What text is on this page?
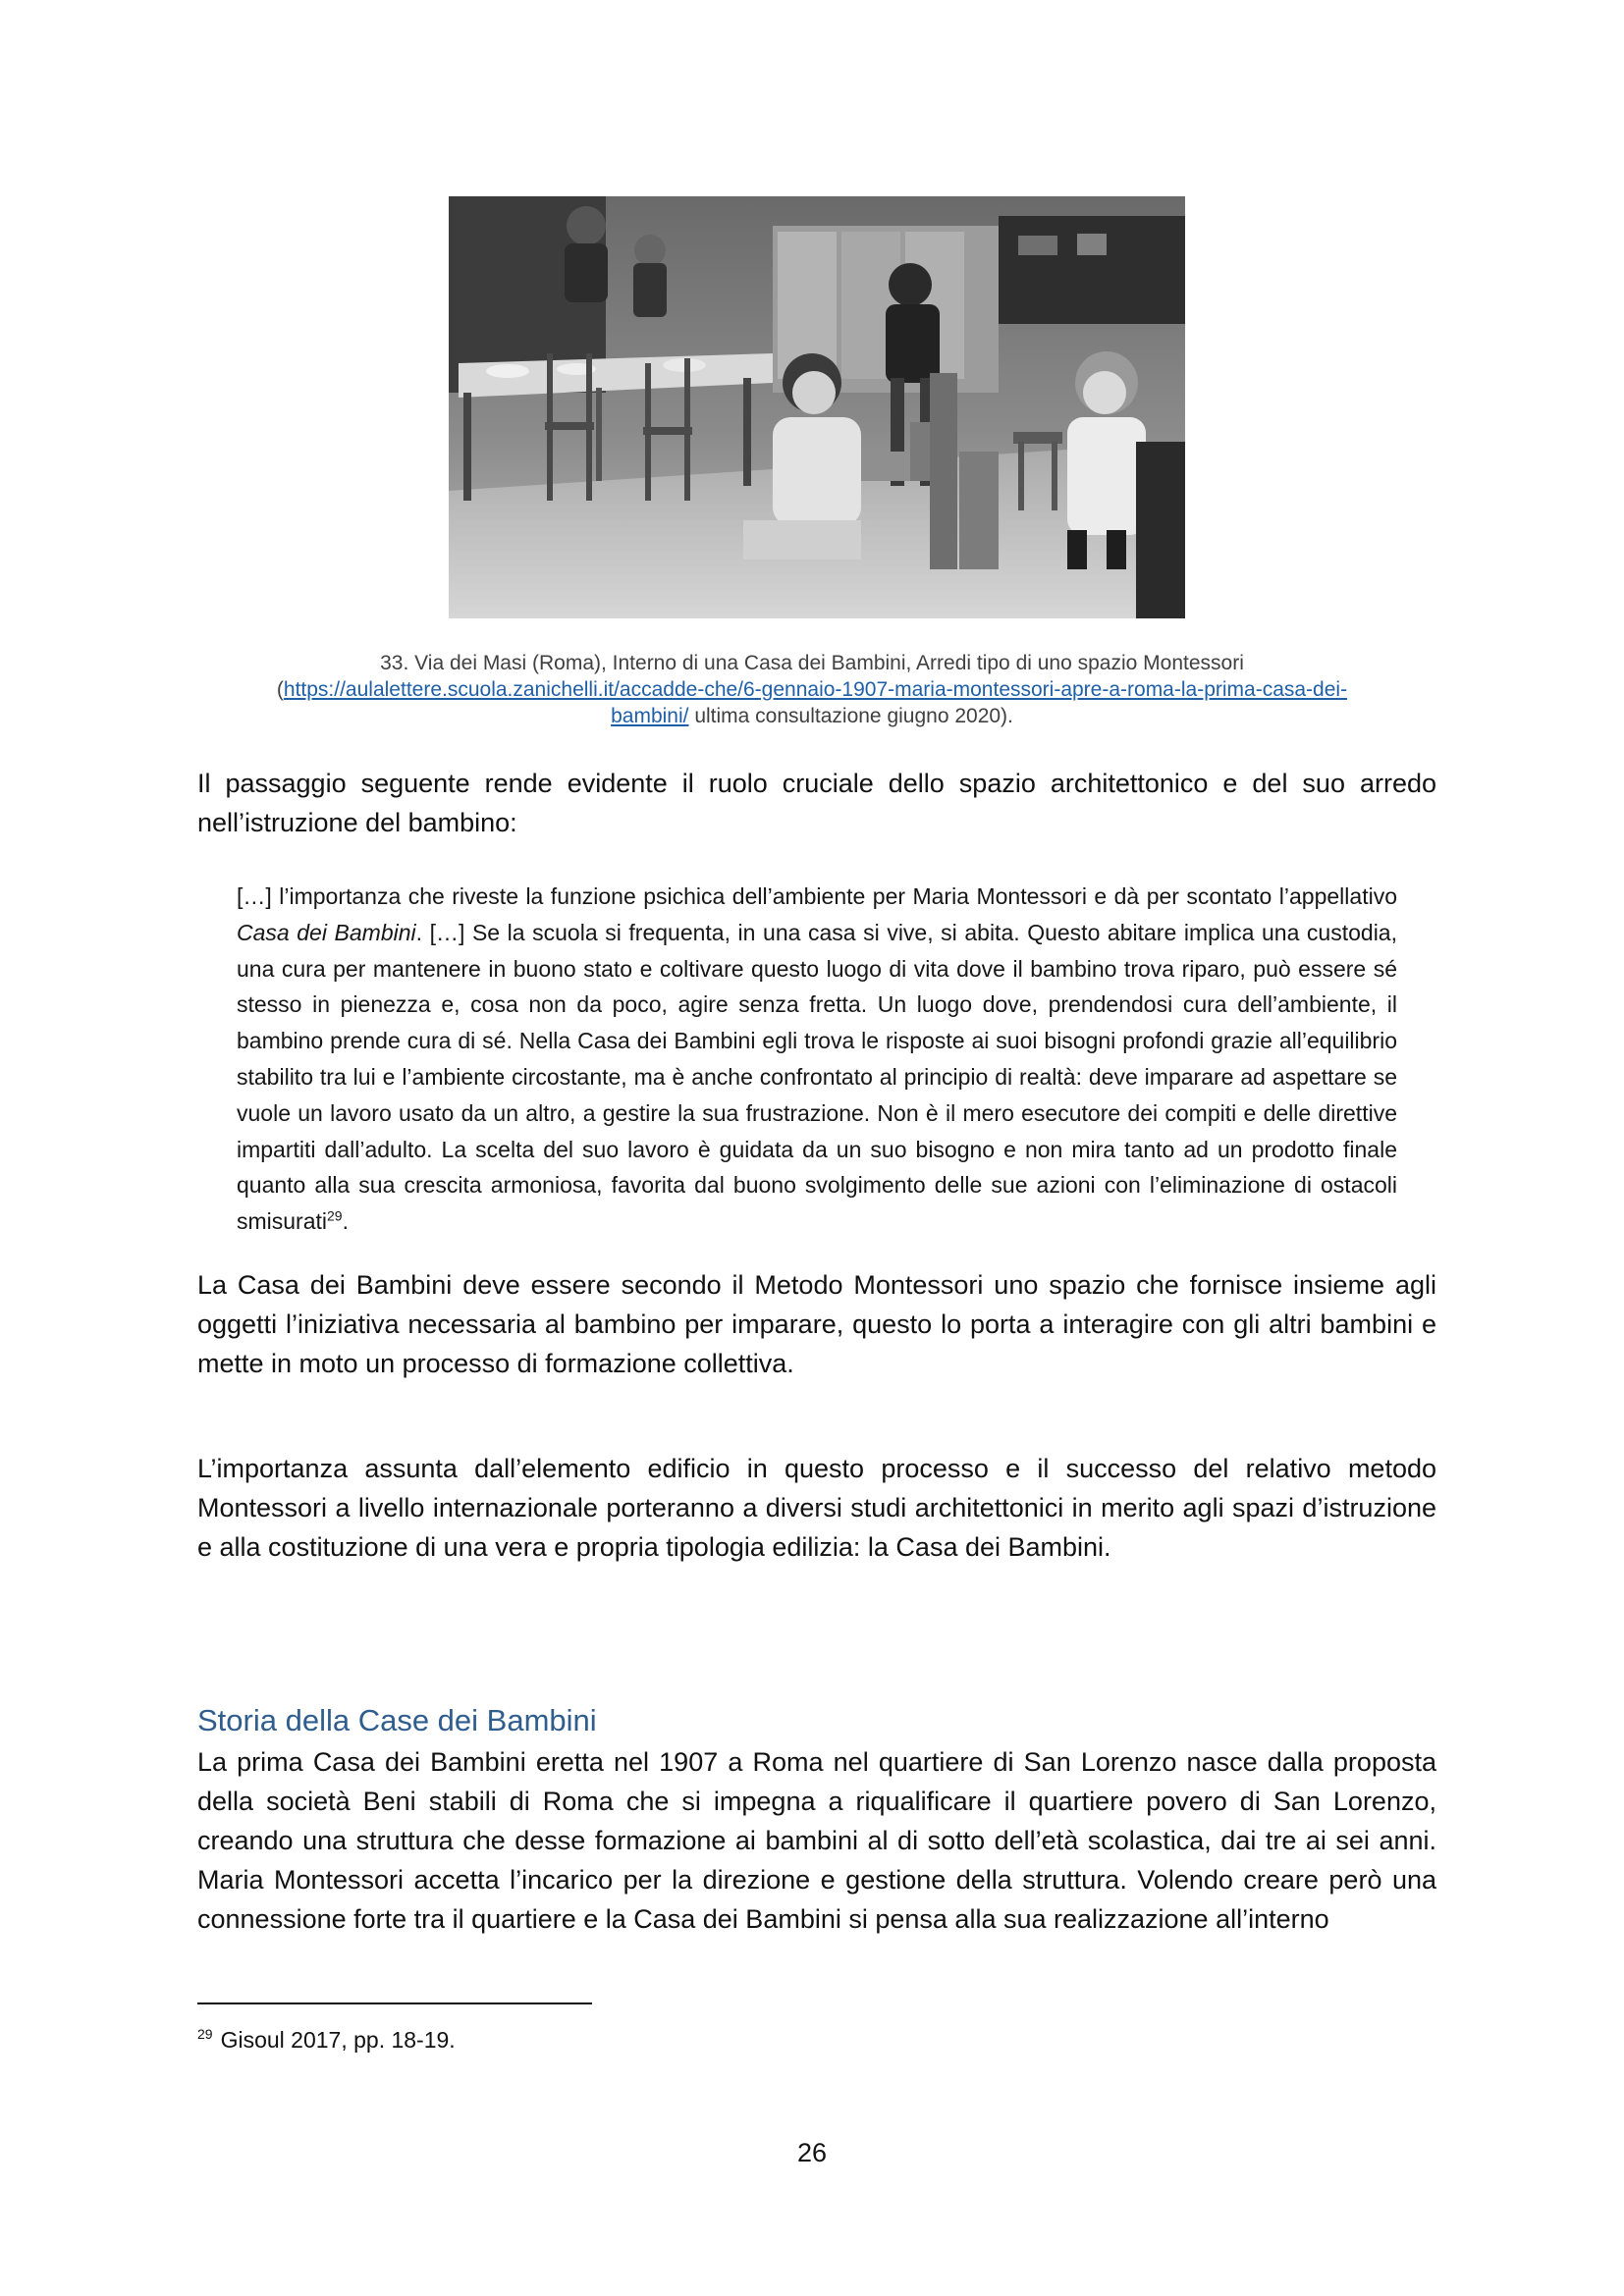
33. Via dei Masi (Roma), Interno di una Casa dei Bambini, Arredi tipo di uno spazio Montessori
(https://aulalettere.scuola.zanichelli.it/accadde-che/6-gennaio-1907-maria-montessori-apre-a-roma-la-prima-casa-dei-
bambini/ ultima consultazione giugno 2020).

Il passaggio seguente rende evidente il ruolo cruciale dello spazio architettonico e del suo arredo nell’istruzione del bambino:

[…] l’importanza che riveste la funzione psichica dell’ambiente per Maria Montessori e dà per scontato l’appellativo Casa dei Bambini. […] Se la scuola si frequenta, in una casa si vive, si abita. Questo abitare implica una custodia, una cura per mantenere in buono stato e coltivare questo luogo di vita dove il bambino trova riparo, può essere sé stesso in pienezza e, cosa non da poco, agire senza fretta. Un luogo dove, prendendosi cura dell’ambiente, il bambino prende cura di sé. Nella Casa dei Bambini egli trova le risposte ai suoi bisogni profondi grazie all’equilibrio stabilito tra lui e l’ambiente circostante, ma è anche confrontato al principio di realtà: deve imparare ad aspettare se vuole un lavoro usato da un altro, a gestire la sua frustrazione. Non è il mero esecutore dei compiti e delle direttive impartiti dall’adulto. La scelta del suo lavoro è guidata da un suo bisogno e non mira tanto ad un prodotto finale quanto alla sua crescita armoniosa, favorita dal buono svolgimento delle sue azioni con l’eliminazione di ostacoli smisurati$^{29}$.

La Casa dei Bambini deve essere secondo il Metodo Montessori uno spazio che fornisce insieme agli oggetti l’iniziativa necessaria al bambino per imparare, questo lo porta a interagire con gli altri bambini e mette in moto un processo di formazione collettiva.

L’importanza assunta dall’elemento edificio in questo processo e il successo del relativo metodo Montessori a livello internazionale porteranno a diversi studi architettonici in merito agli spazi d’istruzione e alla costituzione di una vera e propria tipologia edilizia: la Casa dei Bambini.

Storia della Case dei Bambini

La prima Casa dei Bambini eretta nel 1907 a Roma nel quartiere di San Lorenzo nasce dalla proposta della società Beni stabili di Roma che si impegna a riqualificare il quartiere povero di San Lorenzo, creando una struttura che desse formazione ai bambini al di sotto dell’età scolastica, dai tre ai sei anni. Maria Montessori accetta l’incarico per la direzione e gestione della struttura. Volendo creare però una connessione forte tra il quartiere e la Casa dei Bambini si pensa alla sua realizzazione all’interno

$^{29}$ Gisoul 2017, pp. 18-19.
26
